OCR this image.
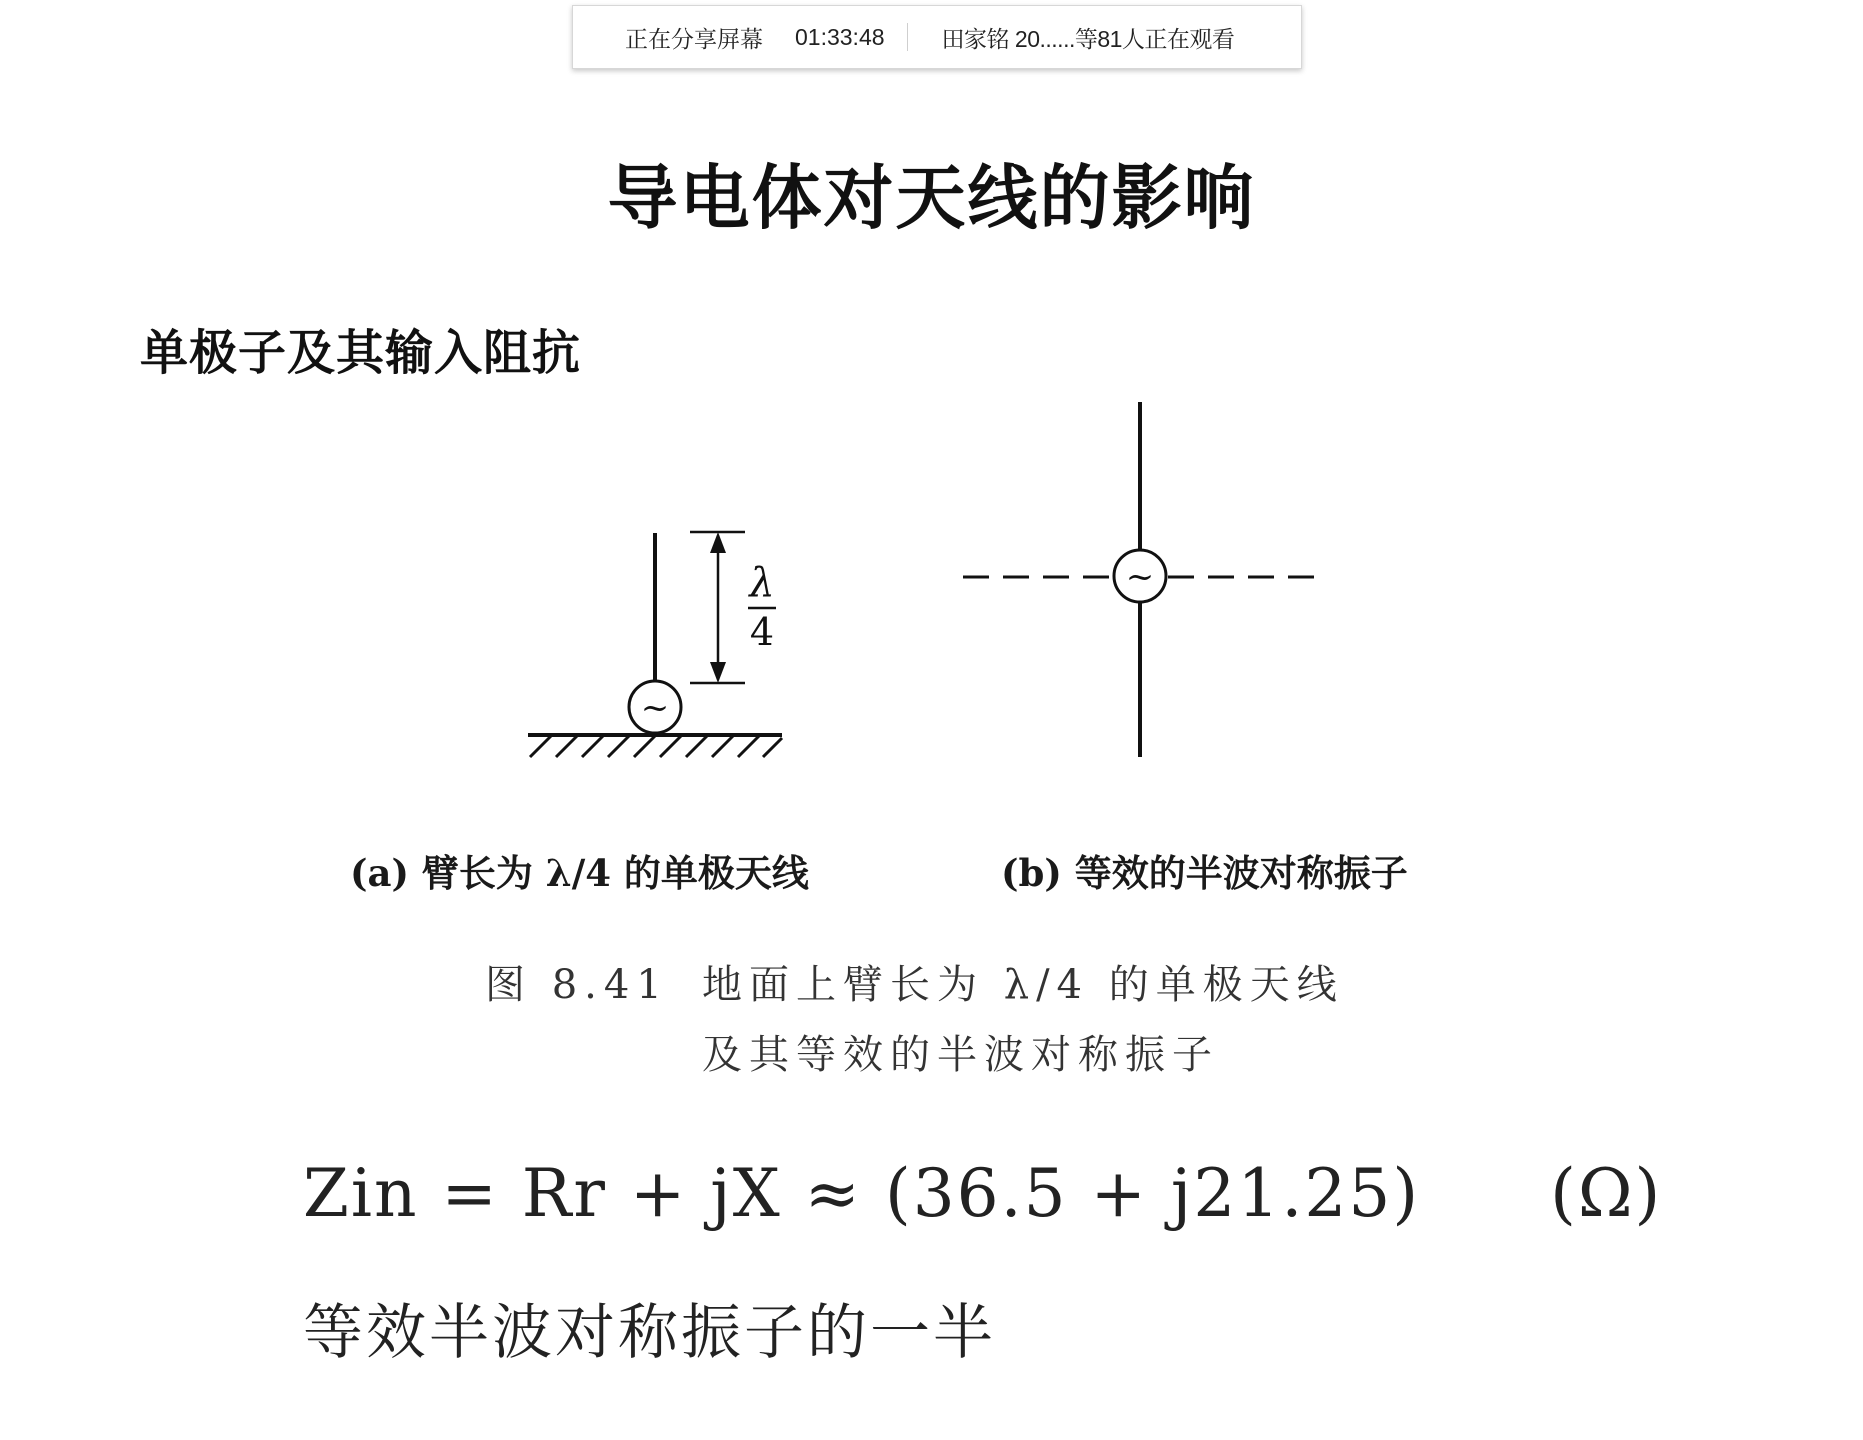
正在分享屏幕 01:33:48 田家铭 20......等81人正在观看
导电体对天线的影响
单极子及其输入阻抗
~
λ
4
~
(a) 臂长为 λ/4 的单极天线	(b) 等效的半波对称振子
图 8.41 地面上臂长为 λ/4 的单极天线
及其等效的半波对称振子
Zin = Rr + jX ≈ (36.5 + j21.25) (Ω)
等效半波对称振子的一半
